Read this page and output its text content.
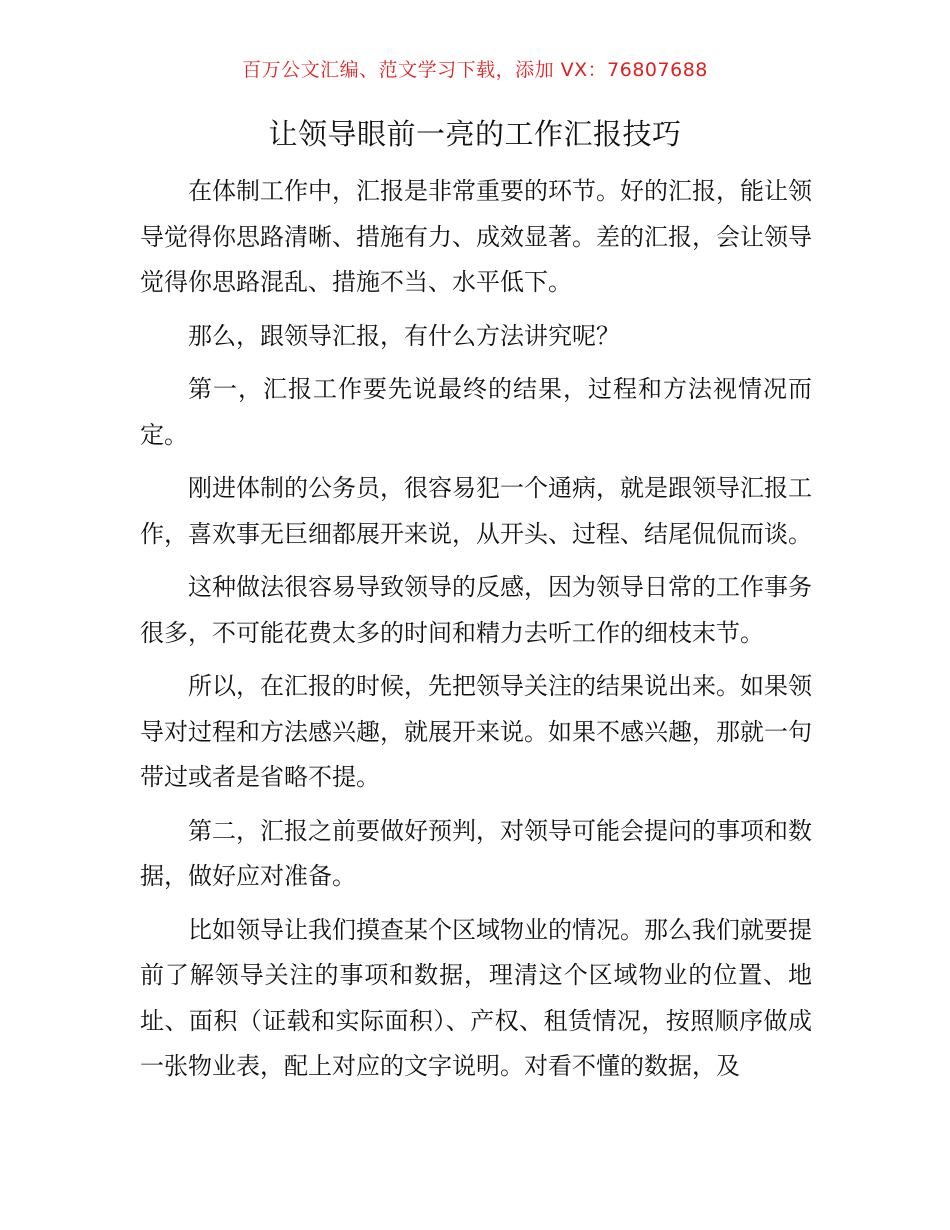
百万公文汇编、范文学习下载，添加 VX：76807688
让领导眼前一亮的工作汇报技巧

在体制工作中，汇报是非常重要的环节。好的汇报，能让领导觉得你思路清晰、措施有力、成效显著。差的汇报，会让领导觉得你思路混乱、措施不当、水平低下。

那么，跟领导汇报，有什么方法讲究呢？

第一，汇报工作要先说最终的结果，过程和方法视情况而定。

刚进体制的公务员，很容易犯一个通病，就是跟领导汇报工作，喜欢事无巨细都展开来说，从开头、过程、结尾侃侃而谈。

这种做法很容易导致领导的反感，因为领导日常的工作事务很多，不可能花费太多的时间和精力去听工作的细枝末节。

所以，在汇报的时候，先把领导关注的结果说出来。如果领导对过程和方法感兴趣，就展开来说。如果不感兴趣，那就一句带过或者是省略不提。

第二，汇报之前要做好预判，对领导可能会提问的事项和数据，做好应对准备。

比如领导让我们摸查某个区域物业的情况。那么我们就要提前了解领导关注的事项和数据，理清这个区域物业的位置、地址、面积（证载和实际面积）、产权、租赁情况，按照顺序做成一张物业表，配上对应的文字说明。对看不懂的数据，及
